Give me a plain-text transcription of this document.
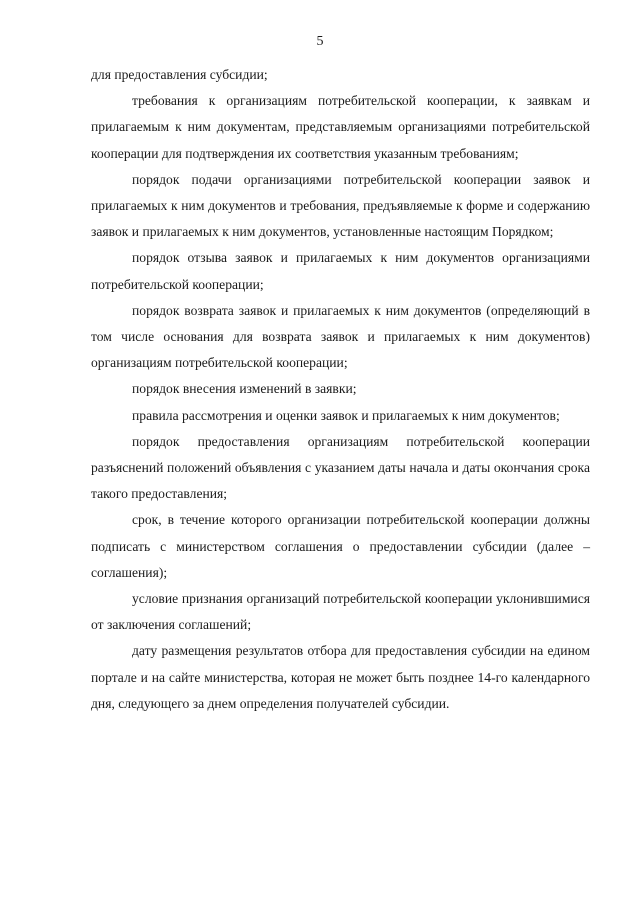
5

для предоставления субсидии;

требования к организациям потребительской кооперации, к заявкам и прилагаемым к ним документам, представляемым организациями потребительской кооперации для подтверждения их соответствия указанным требованиям;

порядок подачи организациями потребительской кооперации заявок и прилагаемых к ним документов и требования, предъявляемые к форме и содержанию заявок и прилагаемых к ним документов, установленные настоящим Порядком;

порядок отзыва заявок и прилагаемых к ним документов организациями потребительской кооперации;

порядок возврата заявок и прилагаемых к ним документов (определяющий в том числе основания для возврата заявок и прилагаемых к ним документов) организациям потребительской кооперации;

порядок внесения изменений в заявки;

правила рассмотрения и оценки заявок и прилагаемых к ним документов;

порядок предоставления организациям потребительской кооперации разъяснений положений объявления с указанием даты начала и даты окончания срока такого предоставления;

срок, в течение которого организации потребительской кооперации должны подписать с министерством соглашения о предоставлении субсидии (далее – соглашения);

условие признания организаций потребительской кооперации уклонившимися от заключения соглашений;

дату размещения результатов отбора для предоставления субсидии на едином портале и на сайте министерства, которая не может быть позднее 14-го календарного дня, следующего за днем определения получателей субсидии.
